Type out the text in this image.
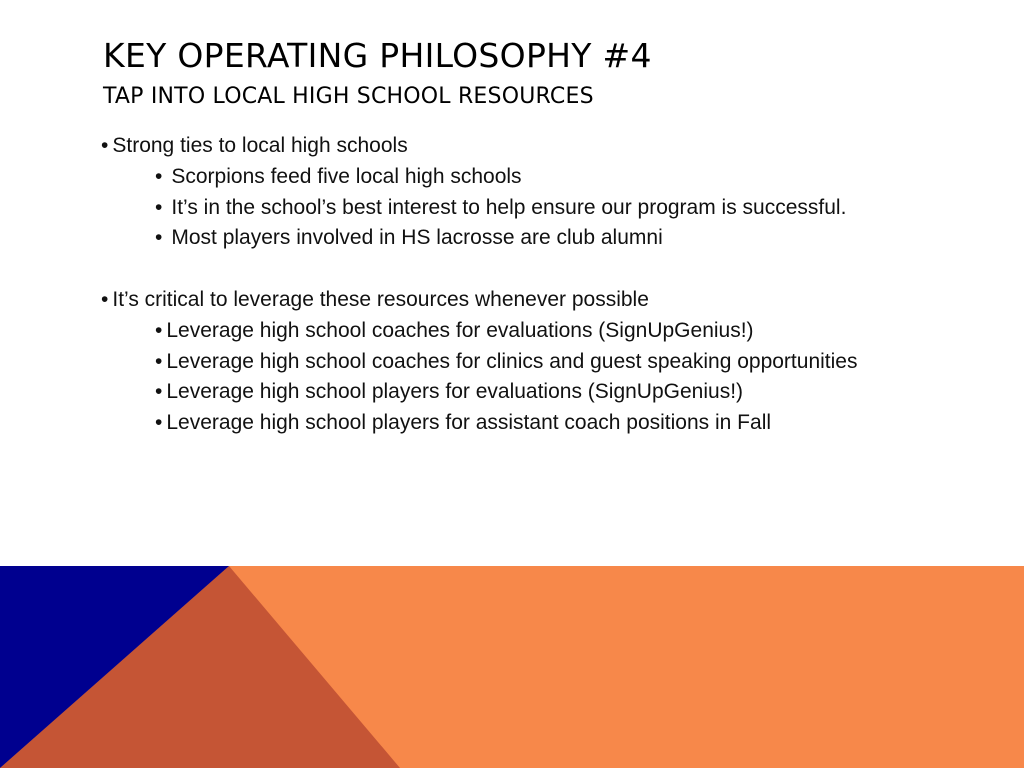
KEY OPERATING PHILOSOPHY #4
TAP INTO LOCAL HIGH SCHOOL RESOURCES
• Strong ties to local high schools
• Scorpions feed five local high schools
• It’s in the school’s best interest to help ensure our program is successful.
• Most players involved in HS lacrosse are club alumni
• It’s critical to leverage these resources whenever possible
• Leverage high school coaches for evaluations (SignUpGenius!)
• Leverage high school coaches for clinics and guest speaking opportunities
• Leverage high school players for evaluations (SignUpGenius!)
• Leverage high school players for assistant coach positions in Fall
